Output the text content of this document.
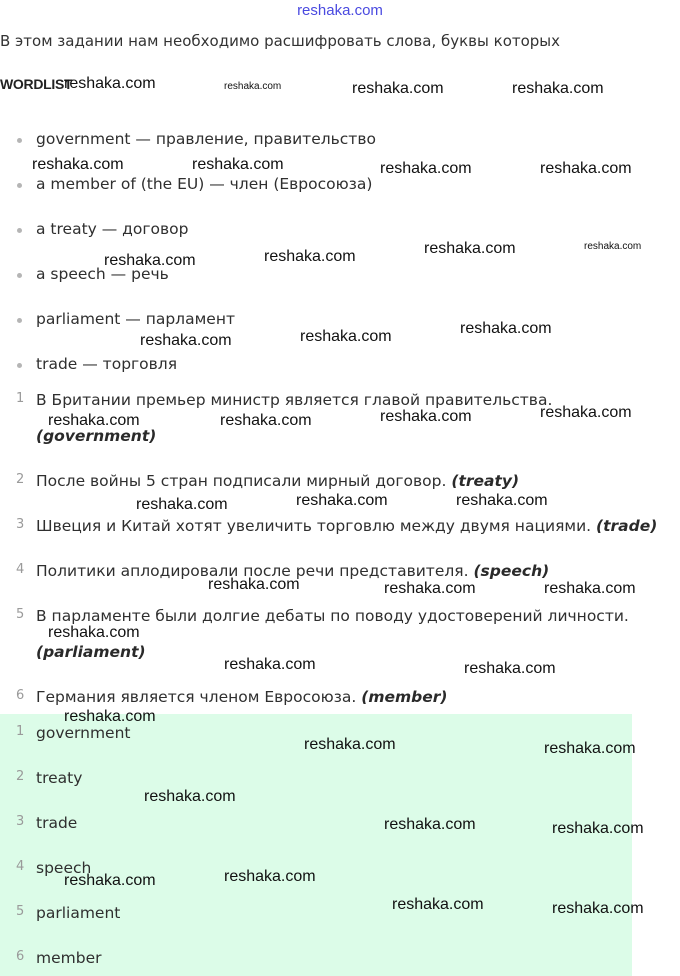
reshaka.com
В этом задании нам необходимо расшифровать слова, буквы которых
WORDLIST
government — правление, правительство
a member of (the EU) — член (Евросоюза)
a treaty — договор
a speech — речь
parliament — парламент
trade — торговля
1 В Британии премьер министр является главой правительства.
(government)
2 После войны 5 стран подписали мирный договор. (treaty)
3 Швеция и Китай хотят увеличить торговлю между двумя нациями. (trade)
4 Политики аплодировали после речи представителя. (speech)
5 В парламенте были долгие дебаты по поводу удостоверений личности.
(parliament)
6 Германия является членом Евросоюза. (member)
1 government
2 treaty
3 trade
4 speech
5 parliament
6 member
reshaka.com	reshaka.com	reshaka.com	reshaka.com
reshaka.com	reshaka.com	reshaka.com	reshaka.com
reshaka.com	reshaka.com
reshaka.com	reshaka.com
reshaka.com
reshaka.com
reshaka.com
reshaka.com
reshaka.com
reshaka.com
reshaka.com
reshaka.com	reshaka.com	reshaka.com
reshaka.com	reshaka.com	reshaka.com
reshaka.com
reshaka.com	reshaka.com
reshaka.com
reshaka.com	reshaka.com
reshaka.com
reshaka.com	reshaka.com
reshaka.com
reshaka.com
reshaka.com	reshaka.com
